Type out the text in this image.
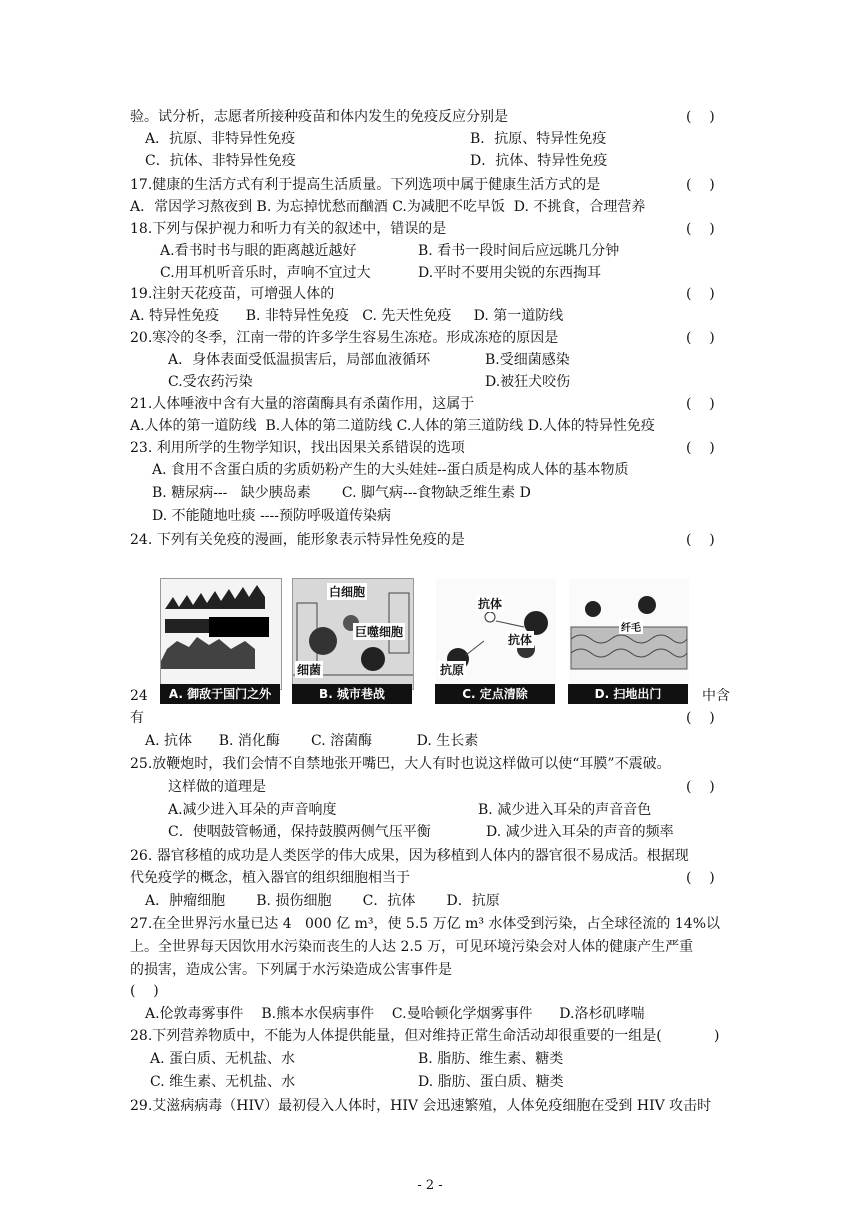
验。试分析，志愿者所接种疫苗和体内发生的免疫反应分别是	(    )
A．抗原、非特异性免疫	B．抗原、特异性免疫
C．抗体、非特异性免疫	D．抗体、特异性免疫
17.健康的生活方式有利于提高生活质量。下列选项中属于健康生活方式的是	(    )
A．常因学习熬夜到 B. 为忘掉忧愁而酗酒 C.为减肥不吃早饭  D. 不挑食，合理营养
18.下列与保护视力和听力有关的叙述中，错误的是	(    )
A.看书时书与眼的距离越近越好	B. 看书一段时间后应远眺几分钟
C.用耳机听音乐时，声响不宜过大	D.平时不要用尖锐的东西掏耳
19.注射天花疫苗，可增强人体的	(    )
A. 特异性免疫      B. 非特异性免疫   C. 先天性免疫     D. 第一道防线
20.寒冷的冬季，江南一带的许多学生容易生冻疮。形成冻疮的原因是	(    )
A．身体表面受低温损害后，局部血液循环	B.受细菌感染
C.受农药污染	D.被狂犬咬伤
21.人体唾液中含有大量的溶菌酶具有杀菌作用，这属于	(    )
A.人体的第一道防线  B.人体的第二道防线 C.人体的第三道防线 D.人体的特异性免疫
23. 利用所学的生物学知识，找出因果关系错误的选项	(    )
A. 食用不含蛋白质的劣质奶粉产生的大头娃娃--蛋白质是构成人体的基本物质
B. 糖尿病---   缺少胰岛素       C. 脚气病---食物缺乏维生素 D
D. 不能随地吐痰 ----预防呼吸道传染病
24. 下列有关免疫的漫画，能形象表示特异性免疫的是	(    )
白细胞
巨噬细胞
细菌
抗体
抗体
抗原
纤毛
A. 御敌于国门之外	B. 城市巷战	C. 定点清除	D. 扫地出门
24	中含
有	(    )
A. 抗体      B. 消化酶       C. 溶菌酶          D. 生长素
25.放鞭炮时，我们会情不自禁地张开嘴巴，大人有时也说这样做可以使“耳膜”不震破。
这样做的道理是	(    )
A.减少进入耳朵的声音响度	B. 减少进入耳朵的声音音色
C．使咽鼓管畅通，保持鼓膜两侧气压平衡	D. 减少进入耳朵的声音的频率
26. 器官移植的成功是人类医学的伟大成果，因为移植到人体内的器官很不易成活。根据现
代免疫学的概念，植入器官的组织细胞相当于	(    )
A．肿瘤细胞       B. 损伤细胞       C．抗体       D．抗原
27.在全世界污水量已达 4   000 亿 m³，使 5.5 万亿 m³ 水体受到污染，占全球径流的 14%以
上。全世界每天因饮用水污染而丧生的人达 2.5 万，可见环境污染会对人体的健康产生严重
的损害，造成公害。下列属于水污染造成公害事件是
(    )
A.伦敦毒雾事件    B.熊本水俣病事件    C.曼哈顿化学烟雾事件      D.洛杉矶哮喘
28.下列营养物质中，不能为人体提供能量，但对维持正常生命活动却很重要的一组是(	)
A. 蛋白质、无机盐、水	B. 脂肪、维生素、糖类
C. 维生素、无机盐、水	D. 脂肪、蛋白质、糖类
29.艾滋病病毒（HIV）最初侵入人体时，HIV 会迅速繁殖，人体免疫细胞在受到 HIV 攻击时
- 2 -
